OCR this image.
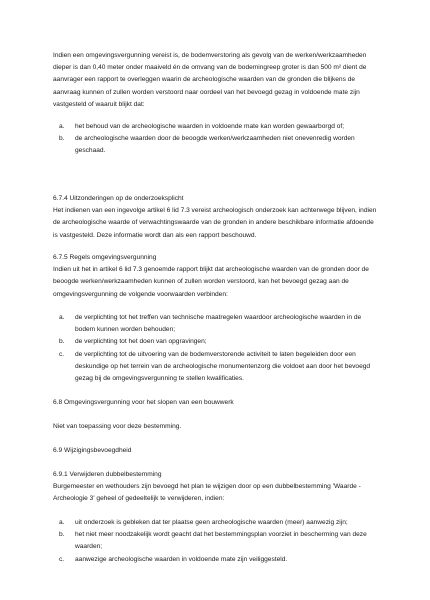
Indien een omgevingsvergunning vereist is, de bodemverstoring als gevolg van de werken/werkzaamheden dieper is dan 0,40 meter onder maaiveld én de omvang van de bodemingreep groter is dan 500 m² dient de aanvrager een rapport te overleggen waarin de archeologische waarden van de gronden die blijkens de aanvraag kunnen of zullen worden verstoord naar oordeel van het bevoegd gezag in voldoende mate zijn vastgesteld of waaruit blijkt dat:

a. het behoud van de archeologische waarden in voldoende mate kan worden gewaarborgd of;

b. de archeologische waarden door de beoogde werken/werkzaamheden niet onevenredig worden geschaad.

6.7.4 Uitzonderingen op de onderzoeksplicht

Het indienen van een ingevolge artikel 6 lid 7.3 vereist archeologisch onderzoek kan achterwege blijven, indien de archeologische waarde of verwachtingswaarde van de gronden in andere beschikbare informatie afdoende is vastgesteld. Deze informatie wordt dan als een rapport beschouwd.

6.7.5 Regels omgevingsvergunning

Indien uit het in artikel 6 lid 7.3 genoemde rapport blijkt dat archeologische waarden van de gronden door de beoogde werken/werkzaamheden kunnen of zullen worden verstoord, kan het bevoegd gezag aan de omgevingsvergunning de volgende voorwaarden verbinden:

a. de verplichting tot het treffen van technische maatregelen waardoor archeologische waarden in de bodem kunnen worden behouden;

b. de verplichting tot het doen van opgravingen;

c. de verplichting tot de uitvoering van de bodemverstorende activiteit te laten begeleiden door een deskundige op het terrein van de archeologische monumentenzorg die voldoet aan door het bevoegd gezag bij de omgevingsvergunning te stellen kwalificaties.

6.8 Omgevingsvergunning voor het slopen van een bouwwerk

Niet van toepassing voor deze bestemming.

6.9 Wijzigingsbevoegdheid

6.9.1 Verwijderen dubbelbestemming

Burgemeester en wethouders zijn bevoegd het plan te wijzigen door op een dubbelbestemming 'Waarde - Archeologie 3' geheel of gedeeltelijk te verwijderen, indien:

a. uit onderzoek is gebleken dat ter plaatse geen archeologische waarden (meer) aanwezig zijn;

b. het niet meer noodzakelijk wordt geacht dat het bestemmingsplan voorziet in bescherming van deze waarden;

c. aanwezige archeologische waarden in voldoende mate zijn veiliggesteld.
